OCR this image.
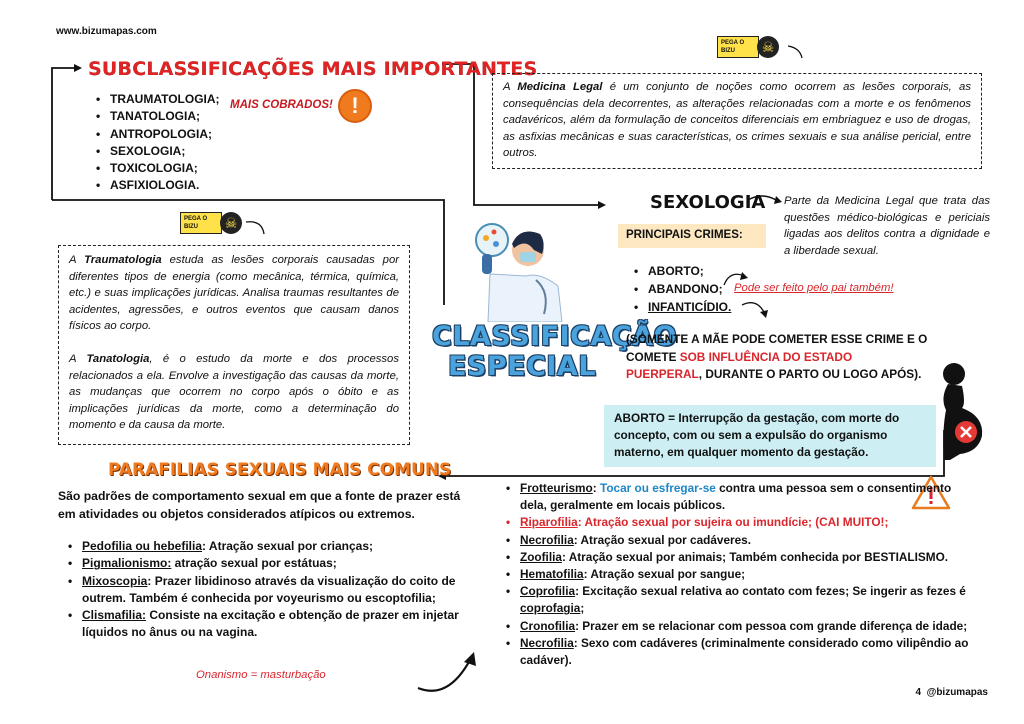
www.bizumapas.com
SUBCLASSIFICAÇÕES MAIS IMPORTANTES
• TRAUMATOLOGIA;
• TANATOLOGIA;
• ANTROPOLOGIA;
• SEXOLOGIA;
• TOXICOLOGIA;
• ASFIXIOLOGIA.
MAIS COBRADOS! !
PEGA O BIZU	☠
A Medicina Legal é um conjunto de noções como ocorrem as lesões corporais, as consequências dela decorrentes, as alterações relacionadas com a morte e os fenômenos cadavéricos, além da formulação de conceitos diferenciais em embriaguez e uso de drogas, as asfixias mecânicas e suas características, os crimes sexuais e sua análise pericial, entre outros.
PEGA O BIZU	☠

A Traumatologia estuda as lesões corporais causadas por diferentes tipos de energia (como mecânica, térmica, química, etc.) e suas implicações jurídicas. Analisa traumas resultantes de acidentes, agressões, e outros eventos que causam danos físicos ao corpo.

A Tanatologia, é o estudo da morte e dos processos relacionados a ela. Envolve a investigação das causas da morte, as mudanças que ocorrem no corpo após o óbito e as implicações jurídicas da morte, como a determinação do momento e da causa da morte.

CLASSIFICAÇÃO
ESPECIAL
SEXOLOGIA Parte da Medicina Legal que trata das questões médico-biológicas e periciais ligadas aos delitos contra a dignidade e a liberdade sexual.
PRINCIPAIS CRIMES:
• ABORTO;
• ABANDONO;
• INFANTICÍDIO.
Pode ser feito pelo pai também!
(SOMENTE A MÃE PODE COMETER ESSE CRIME E O COMETE SOB INFLUÊNCIA DO ESTADO PUERPERAL, DURANTE O PARTO OU LOGO APÓS).
ABORTO = Interrupção da gestação, com morte do concepto, com ou sem a expulsão do organismo materno, em qualquer momento da gestação.
PARAFILIAS SEXUAIS MAIS COMUNS
São padrões de comportamento sexual em que a fonte de prazer está em atividades ou objetos considerados atípicos ou extremos.
• Pedofilia ou hebefilia: Atração sexual por crianças;
• Pigmalionismo: atração sexual por estátuas;
• Mixoscopia: Prazer libidinoso através da visualização do coito de outrem. Também é conhecida por voyeurismo ou escoptofilia;
• Clismafilia: Consiste na excitação e obtenção de prazer em injetar líquidos no ânus ou na vagina.
Onanismo = masturbação
• Frotteurismo: Tocar ou esfregar-se contra uma pessoa sem o consentimento dela, geralmente em locais públicos.
• Riparofilia: Atração sexual por sujeira ou imundície; (CAI MUITO!;
• Necrofilia: Atração sexual por cadáveres.
• Zoofilia: Atração sexual por animais; Também conhecida por BESTIALISMO.
• Hematofilia: Atração sexual por sangue;
• Coprofilia: Excitação sexual relativa ao contato com fezes; Se ingerir as fezes é coprofagia;
• Cronofilia: Prazer em se relacionar com pessoa com grande diferença de idade;
• Necrofilia: Sexo com cadáveres (criminalmente considerado como vilipêndio ao cadáver).
4 @bizumapas
